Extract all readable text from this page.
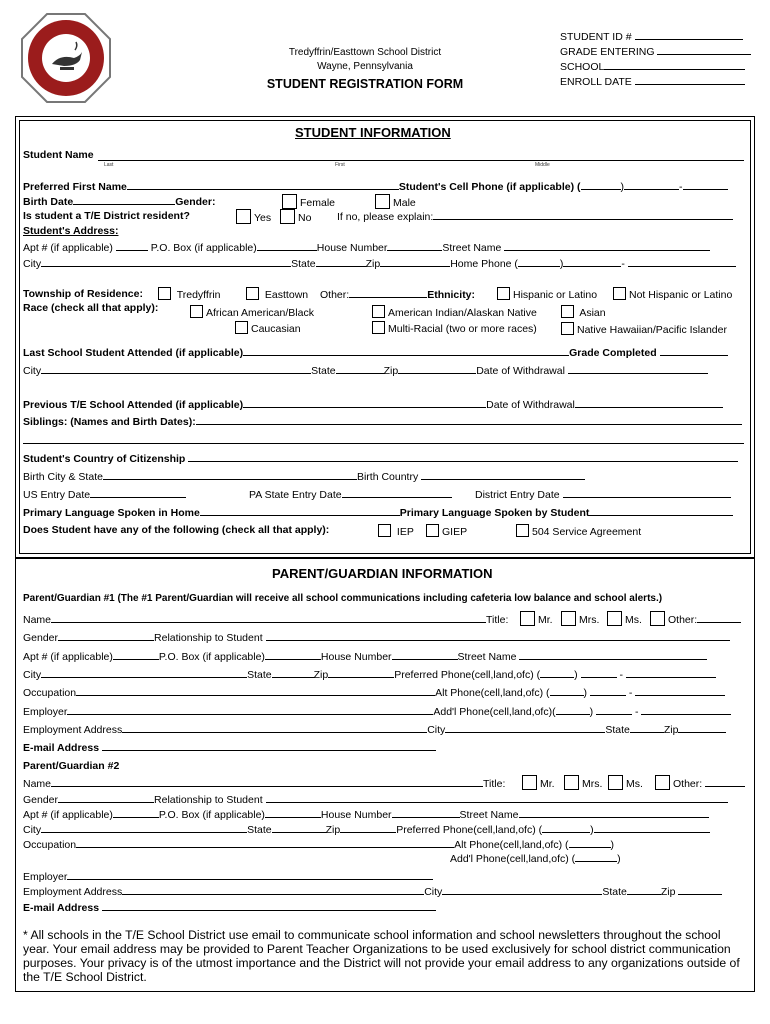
Tredyffrin/Easttown School District
Wayne, Pennsylvania
STUDENT REGISTRATION FORM
STUDENT ID #
GRADE ENTERING
SCHOOL
ENROLL DATE
STUDENT INFORMATION
Student Name
Last	First	Middle
Preferred First Name	Student's Cell Phone (if applicable) (	)	-
Birth Date	Gender:	Female	Male
Is student a T/E District resident?	Yes	No If no, please explain:
Student's Address:
Apt # (if applicable)	P.O. Box (if applicable)	House Number	Street Name
City	State	Zip	Home Phone (	)	-
Township of Residence:	Tredyffrin	Easttown Other:	Ethnicity:	Hispanic or Latino	Not Hispanic or Latino
Race (check all that apply):	African American/Black	American Indian/Alaskan Native	Asian
Caucasian	Multi-Racial (two or more races)	Native Hawaiian/Pacific Islander
Last School Student Attended (if applicable)	Grade Completed
City	State	Zip	Date of Withdrawal
Previous T/E School Attended (if applicable)	Date of Withdrawal
Siblings: (Names and Birth Dates):
Student's Country of Citizenship
Birth City & State	Birth Country
US Entry Date	PA State Entry Date	District Entry Date
Primary Language Spoken in Home	Primary Language Spoken by Student
Does Student have any of the following (check all that apply):	IEP	GIEP	504 Service Agreement
PARENT/GUARDIAN INFORMATION
Parent/Guardian #1 (The #1 Parent/Guardian will receive all school communications including cafeteria low balance and school alerts.)
Name	Title:	Mr.	Mrs.	Ms.	Other:
Gender	Relationship to Student
Apt # (if applicable)	P.O. Box (if applicable)	House Number	Street Name
City	State	Zip	Preferred Phone(cell,land,ofc) (	)	-
Occupation	Alt Phone(cell,land,ofc) (	)	-
Employer	Add'l Phone(cell,land,ofc)(	)	-
Employment Address	City	State	Zip
E-mail Address
Parent/Guardian #2
Name	Title:	Mr.	Mrs.	Ms.	Other:
Gender	Relationship to Student
Apt # (if applicable)	P.O. Box (if applicable)	House Number	Street Name
City	State	Zip	Preferred Phone(cell,land,ofc) (	)
Occupation	Alt Phone(cell,land,ofc) (	)
Add'l Phone(cell,land,ofc) (	)
Employer
Employment Address	City	State	Zip
E-mail Address
* All schools in the T/E School District use email to communicate school information and school newsletters throughout the school year. Your email address may be provided to Parent Teacher Organizations to be used exclusively for school district communication purposes. Your privacy is of the utmost importance and the District will not provide your email address to any organizations outside of the T/E School District.
